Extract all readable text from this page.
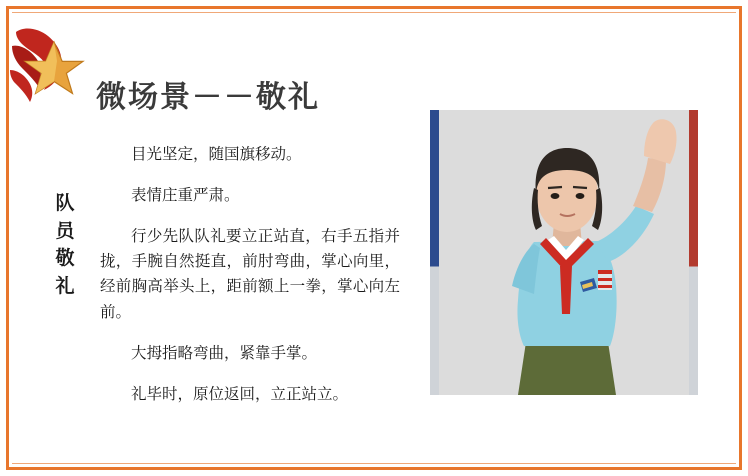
微场景－－敬礼
队
员
敬
礼

目光坚定，随国旗移动。

表情庄重严肃。

行少先队队礼要立正站直，右手五指并拢，手腕自然挺直，前肘弯曲，掌心向里，经前胸高举头上，距前额上一拳，掌心向左前。

大拇指略弯曲，紧靠手掌。

礼毕时，原位返回，立正站立。
